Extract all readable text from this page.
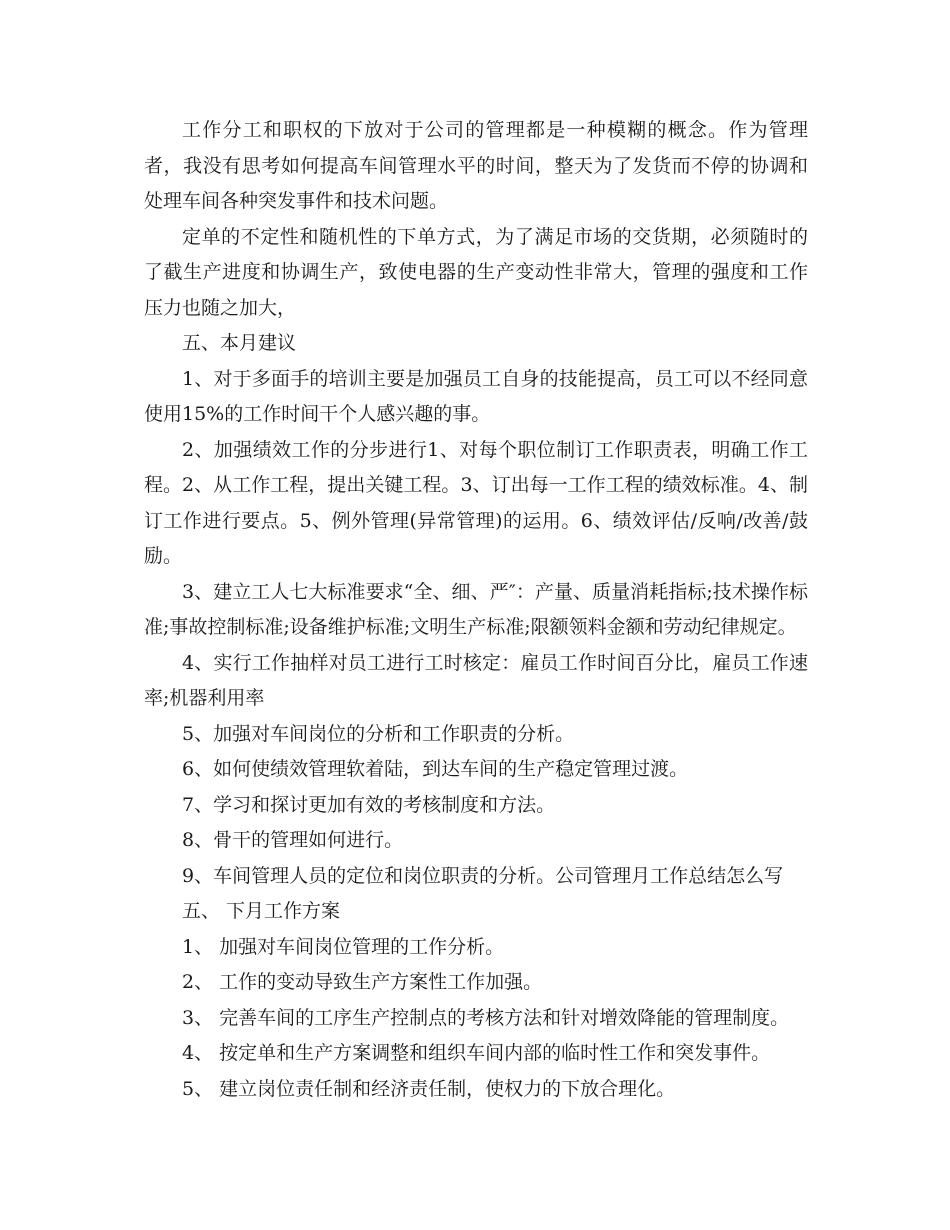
工作分工和职权的下放对于公司的管理都是一种模糊的概念。作为管理者，我没有思考如何提高车间管理水平的时间，整天为了发货而不停的协调和处理车间各种突发事件和技术问题。

定单的不定性和随机性的下单方式，为了满足市场的交货期，必须随时的了截生产进度和协调生产，致使电器的生产变动性非常大，管理的强度和工作压力也随之加大，

五、本月建议

1、对于多面手的培训主要是加强员工自身的技能提高，员工可以不经同意使用15%的工作时间干个人感兴趣的事。

2、加强绩效工作的分步进行1、对每个职位制订工作职责表，明确工作工程。2、从工作工程，提出关键工程。3、订出每一工作工程的绩效标准。4、制订工作进行要点。5、例外管理(异常管理)的运用。6、绩效评估/反响/改善/鼓励。

3、建立工人七大标准要求“全、细、严″：产量、质量消耗指标;技术操作标准;事故控制标准;设备维护标准;文明生产标准;限额领料金额和劳动纪律规定。

4、实行工作抽样对员工进行工时核定：雇员工作时间百分比，雇员工作速率;机器利用率

5、加强对车间岗位的分析和工作职责的分析。

6、如何使绩效管理软着陆，到达车间的生产稳定管理过渡。

7、学习和探讨更加有效的考核制度和方法。

8、骨干的管理如何进行。

9、车间管理人员的定位和岗位职责的分析。公司管理月工作总结怎么写

五、 下月工作方案

1、 加强对车间岗位管理的工作分析。

2、 工作的变动导致生产方案性工作加强。

3、 完善车间的工序生产控制点的考核方法和针对增效降能的管理制度。

4、 按定单和生产方案调整和组织车间内部的临时性工作和突发事件。

5、 建立岗位责任制和经济责任制，使权力的下放合理化。
